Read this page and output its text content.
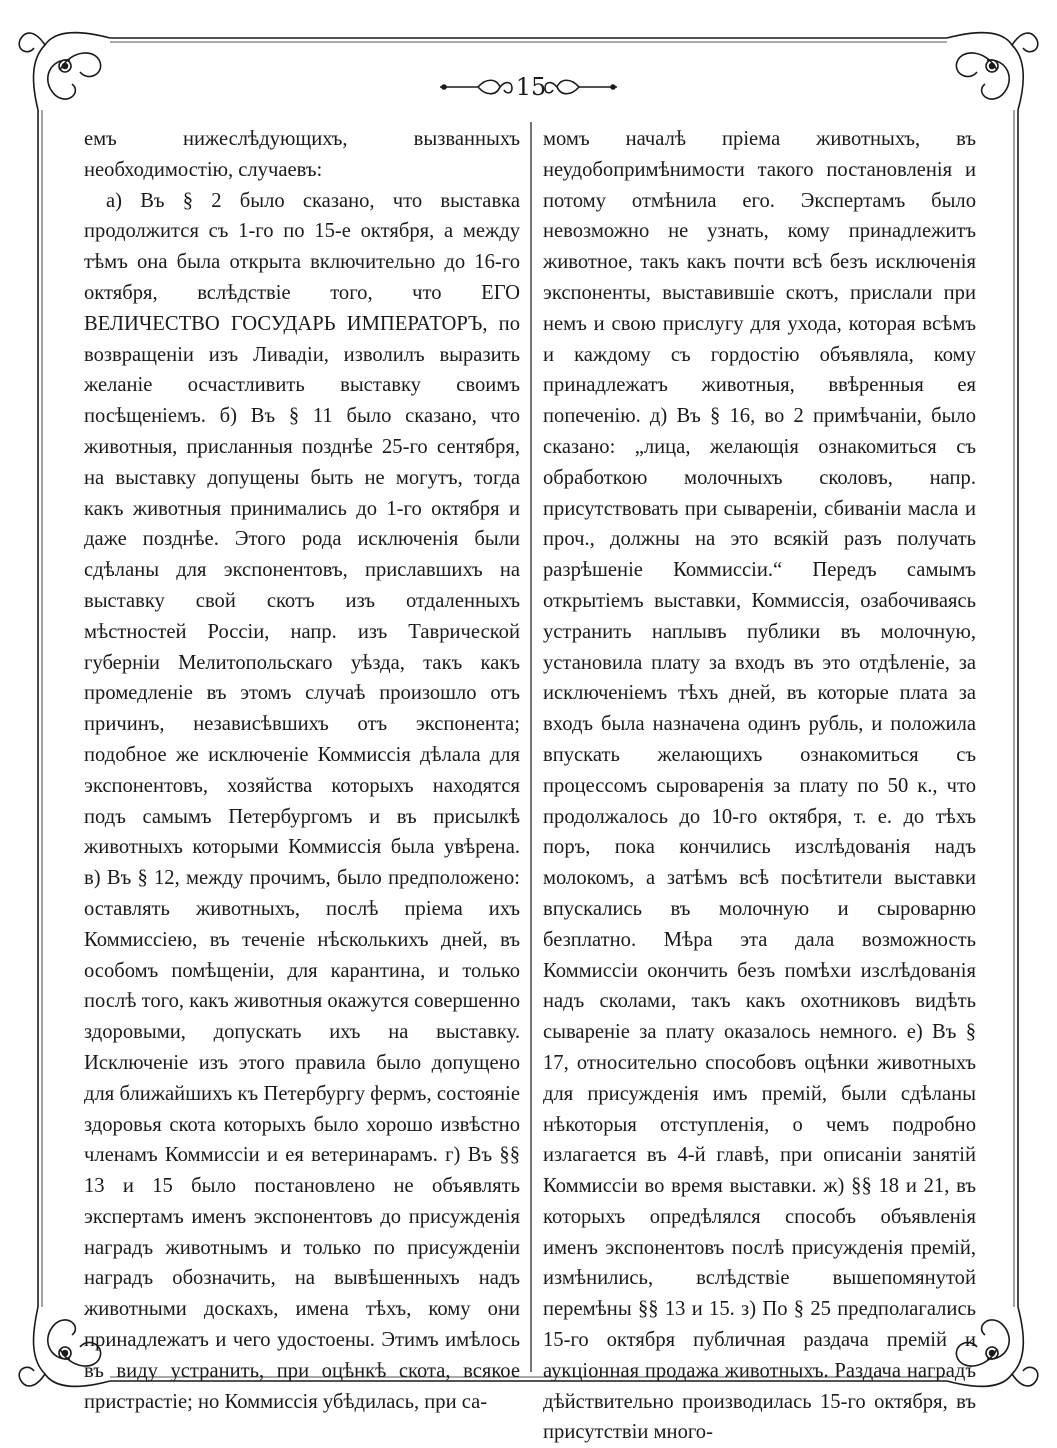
15

емъ нижеслѣдующихъ, вызванныхъ необходимостію, случаевъ:

а) Въ § 2 было сказано, что выставка продолжится съ 1-го по 15-е октября, а между тѣмъ она была открыта включительно до 16-го октября, вслѣдствіе того, что ЕГО ВЕЛИЧЕСТВО ГОСУДАРЬ ИМПЕРАТОРЪ, по возвращеніи изъ Ливадіи, изволилъ выразить желаніе осчастливить выставку своимъ посѣщеніемъ. б) Въ § 11 было сказано, что животныя, присланныя позднѣе 25-го сентября, на выставку допущены быть не могутъ, тогда какъ животныя принимались до 1-го октября и даже позднѣе. Этого рода исключенія были сдѣланы для экспонентовъ, приславшихъ на выставку свой скотъ изъ отдаленныхъ мѣстностей Россіи, напр. изъ Таврической губерніи Мелитопольскаго уѣзда, такъ какъ промедленіе въ этомъ случаѣ произошло отъ причинъ, независѣвшихъ отъ экспонента; подобное же исключеніе Коммиссія дѣлала для экспонентовъ, хозяйства которыхъ находятся подъ самымъ Петербургомъ и въ присылкѣ животныхъ которыми Коммиссія была увѣрена. в) Въ § 12, между прочимъ, было предположено: оставлять животныхъ, послѣ пріема ихъ Коммиссіею, въ теченіе нѣсколькихъ дней, въ особомъ помѣщеніи, для карантина, и только послѣ того, какъ животныя окажутся совершенно здоровыми, допускать ихъ на выставку. Исключеніе изъ этого правила было допущено для ближайшихъ къ Петербургу фермъ, состояніе здоровья скота которыхъ было хорошо извѣстно членамъ Коммиссіи и ея ветеринарамъ. г) Въ §§ 13 и 15 было постановлено не объявлять экспертамъ именъ экспонентовъ до присужденія наградъ животнымъ и только по присужденіи наградъ обозначить, на вывѣшенныхъ надъ животными доскахъ, имена тѣхъ, кому они принадлежатъ и чего удостоены. Этимъ имѣлось въ виду устранить, при оцѣнкѣ скота, всякое пристрастіе; но Коммиссія убѣдилась, при са-

момъ началѣ пріема животныхъ, въ неудобопримѣнимости такого постановленія и потому отмѣнила его. Экспертамъ было невозможно не узнать, кому принадлежитъ животное, такъ какъ почти всѣ безъ исключенія экспоненты, выставившіе скотъ, прислали при немъ и свою прислугу для ухода, которая всѣмъ и каждому съ гордостію объявляла, кому принадлежатъ животныя, ввѣренныя ея попеченію. д) Въ § 16, во 2 примѣчаніи, было сказано: „лица, желающія ознакомиться съ обработкою молочныхъ сколовъ, напр. присутствовать при сывареніи, сбиваніи масла и проч., должны на это всякій разъ получать разрѣшеніе Коммиссіи.“ Передъ самымъ открытіемъ выставки, Коммиссія, озабочиваясь устранить наплывъ публики въ молочную, установила плату за входъ въ это отдѣленіе, за исключеніемъ тѣхъ дней, въ которые плата за входъ была назначена одинъ рубль, и положила впускать желающихъ ознакомиться съ процессомъ сыроваренія за плату по 50 к., что продолжалось до 10-го октября, т. е. до тѣхъ поръ, пока кончились изслѣдованія надъ молокомъ, а затѣмъ всѣ посѣтители выставки впускались въ молочную и сыроварню безплатно. Мѣра эта дала возможность Коммиссіи окончить безъ помѣхи изслѣдованія надъ сколами, такъ какъ охотниковъ видѣть сывареніе за плату оказалось немного. е) Въ § 17, относительно способовъ оцѣнки животныхъ для присужденія имъ премій, были сдѣланы нѣкоторыя отступленія, о чемъ подробно излагается въ 4-й главѣ, при описаніи занятій Коммиссіи во время выставки. ж) §§ 18 и 21, въ которыхъ опредѣлялся способъ объявленія именъ экспонентовъ послѣ присужденія премій, измѣнились, вслѣдствіе вышепомянутой перемѣны §§ 13 и 15. з) По § 25 предполагались 15-го октября публичная раздача премій и аукціонная продажа животныхъ. Раздача наградъ дѣйствительно производилась 15-го октября, въ присутствіи много-
